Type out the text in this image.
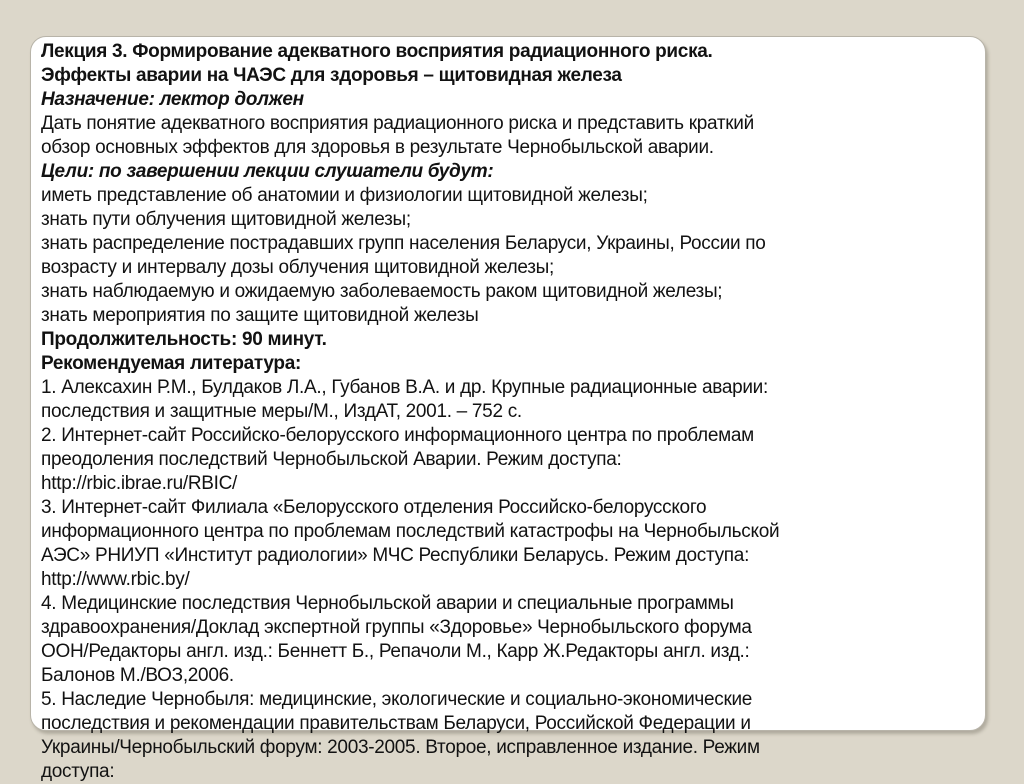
Лекция 3. Формирование адекватного восприятия радиационного риска.
Эффекты аварии на ЧАЭС для здоровья – щитовидная железа
Назначение: лектор должен
Дать понятие адекватного восприятия радиационного риска и представить краткий
обзор основных эффектов для здоровья в результате Чернобыльской аварии.
Цели: по завершении лекции слушатели будут:
иметь представление об анатомии и физиологии щитовидной железы;
знать пути облучения щитовидной железы;
знать распределение пострадавших групп населения Беларуси, Украины, России по
возрасту и интервалу дозы облучения щитовидной железы;
знать наблюдаемую и ожидаемую заболеваемость раком щитовидной железы;
знать мероприятия по защите щитовидной железы
Продолжительность: 90 минут.
Рекомендуемая литература:
1. Алексахин Р.М., Булдаков Л.А., Губанов В.А. и др. Крупные радиационные аварии:
последствия и защитные меры/М., ИздАТ, 2001. – 752 с.
2. Интернет-сайт Российско-белорусского информационного центра по проблемам
преодоления последствий Чернобыльской Аварии. Режим доступа:
http://rbic.ibrae.ru/RBIC/
3. Интернет-сайт Филиала «Белорусского отделения Российско-белорусского
информационного центра по проблемам последствий катастрофы на Чернобыльской
АЭС» РНИУП «Институт радиологии» МЧС Республики Беларусь. Режим доступа:
http://www.rbic.by/
4. Медицинские последствия Чернобыльской аварии и специальные программы
здравоохранения/Доклад экспертной группы «Здоровье» Чернобыльского форума
ООН/Редакторы англ. изд.: Беннетт Б., Репачоли М., Карр Ж.Редакторы англ. изд.:
Балонов М./ВОЗ,2006.
5. Наследие Чернобыля: медицинские, экологические и социально-экономические
последствия и рекомендации правительствам Беларуси, Российской Федерации и
Украины/Чернобыльский форум: 2003-2005. Второе, исправленное издание. Режим
доступа:
